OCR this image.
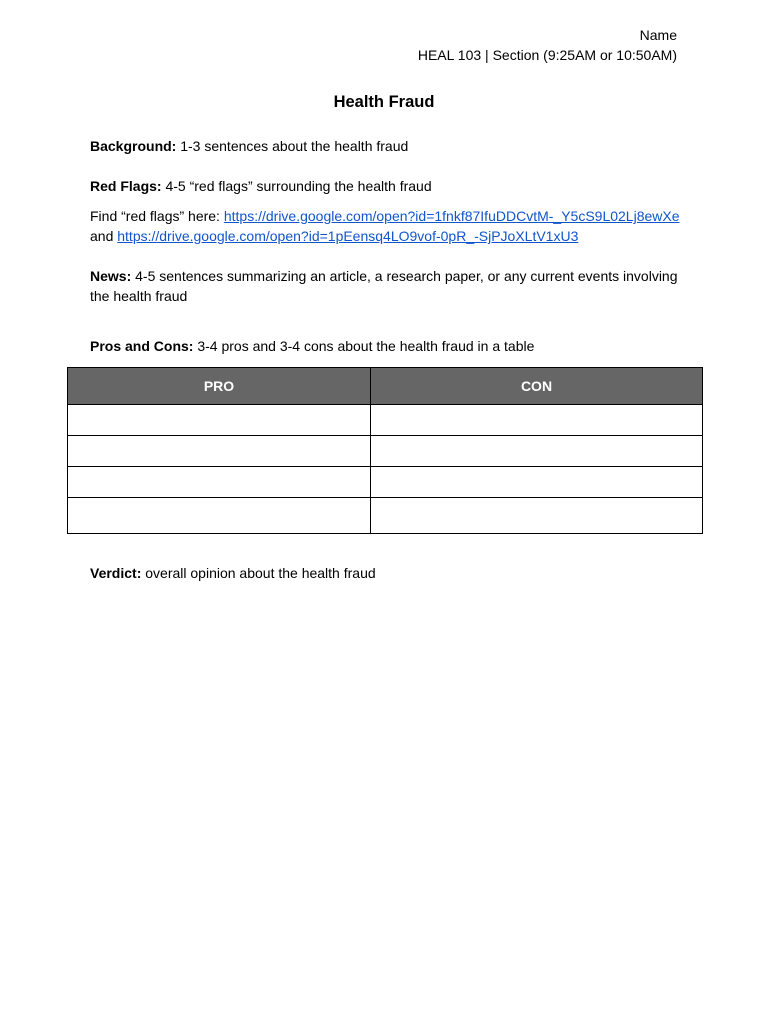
Name
HEAL 103 | Section (9:25AM or 10:50AM)
Health Fraud
Background: 1-3 sentences about the health fraud
Red Flags: 4-5 “red flags” surrounding the health fraud
Find “red flags” here: https://drive.google.com/open?id=1fnkf87IfuDDCvtM-_Y5cS9L02Lj8ewXe
and https://drive.google.com/open?id=1pEensq4LO9vof-0pR_-SjPJoXLtV1xU3
News: 4-5 sentences summarizing an article, a research paper, or any current events involving the health fraud
Pros and Cons: 3-4 pros and 3-4 cons about the health fraud in a table
PRO	CON

Verdict: overall opinion about the health fraud
